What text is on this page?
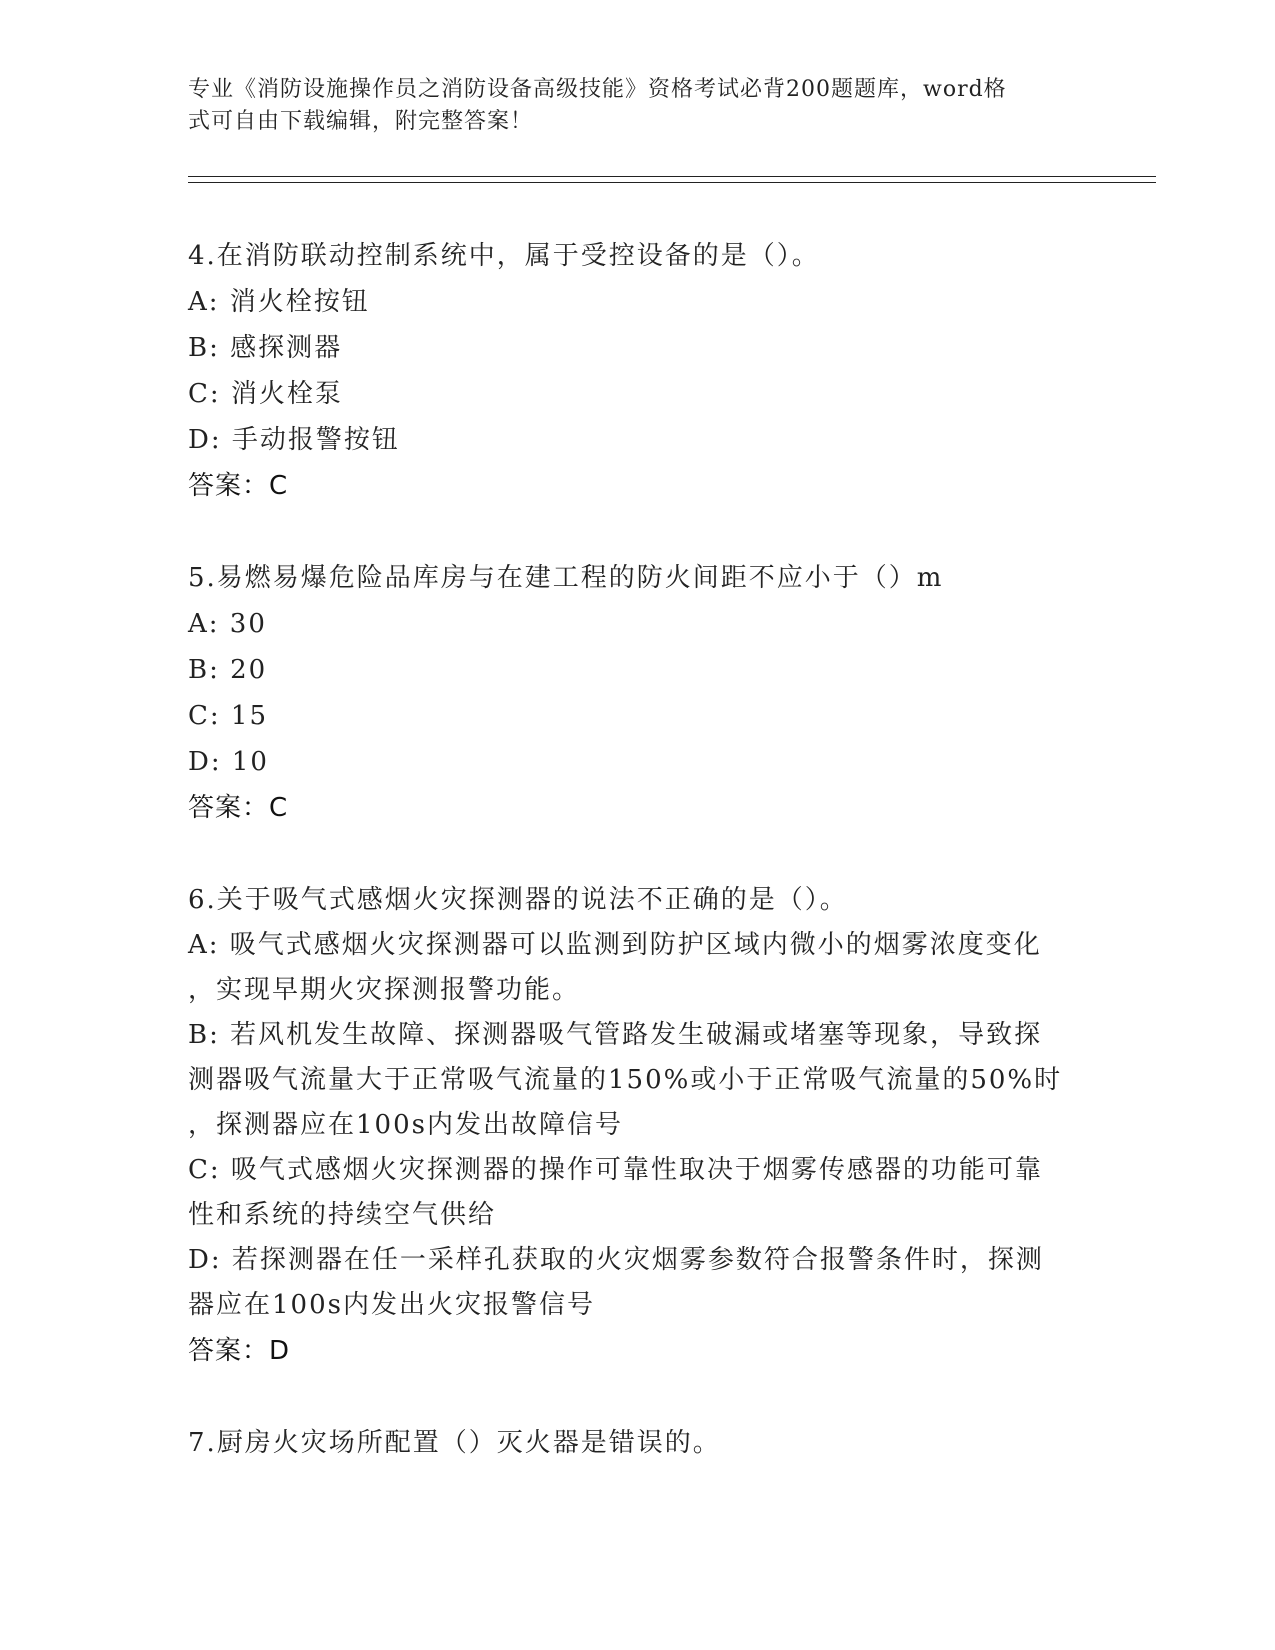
专业《消防设施操作员之消防设备高级技能》资格考试必背200题题库，word格
式可自由下载编辑，附完整答案！
4.在消防联动控制系统中，属于受控设备的是（）。
A: 消火栓按钮
B: 感探测器
C: 消火栓泵
D: 手动报警按钮
答案：C
5.易燃易爆危险品库房与在建工程的防火间距不应小于（）m
A: 30
B: 20
C: 15
D: 10
答案：C
6.关于吸气式感烟火灾探测器的说法不正确的是（）。
A: 吸气式感烟火灾探测器可以监测到防护区域内微小的烟雾浓度变化
，实现早期火灾探测报警功能。
B: 若风机发生故障、探测器吸气管路发生破漏或堵塞等现象，导致探
测器吸气流量大于正常吸气流量的150%或小于正常吸气流量的50%时
，探测器应在100s内发出故障信号
C: 吸气式感烟火灾探测器的操作可靠性取决于烟雾传感器的功能可靠
性和系统的持续空气供给
D: 若探测器在任一采样孔获取的火灾烟雾参数符合报警条件时，探测
器应在100s内发出火灾报警信号
答案：D
7.厨房火灾场所配置（）灭火器是错误的。
